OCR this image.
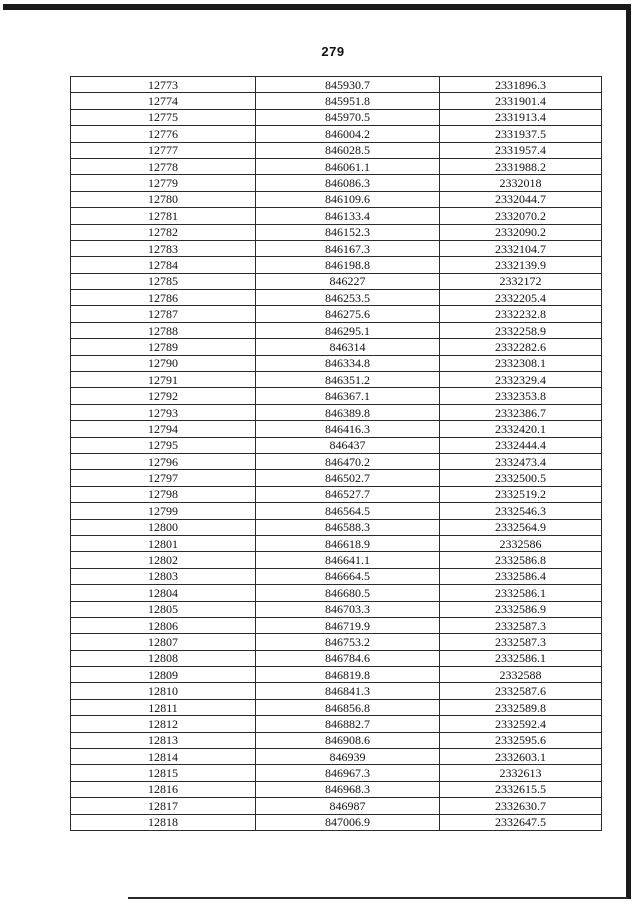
279
12773	845930.7	2331896.3
12774	845951.8	2331901.4
12775	845970.5	2331913.4
12776	846004.2	2331937.5
12777	846028.5	2331957.4
12778	846061.1	2331988.2
12779	846086.3	2332018
12780	846109.6	2332044.7
12781	846133.4	2332070.2
12782	846152.3	2332090.2
12783	846167.3	2332104.7
12784	846198.8	2332139.9
12785	846227	2332172
12786	846253.5	2332205.4
12787	846275.6	2332232.8
12788	846295.1	2332258.9
12789	846314	2332282.6
12790	846334.8	2332308.1
12791	846351.2	2332329.4
12792	846367.1	2332353.8
12793	846389.8	2332386.7
12794	846416.3	2332420.1
12795	846437	2332444.4
12796	846470.2	2332473.4
12797	846502.7	2332500.5
12798	846527.7	2332519.2
12799	846564.5	2332546.3
12800	846588.3	2332564.9
12801	846618.9	2332586
12802	846641.1	2332586.8
12803	846664.5	2332586.4
12804	846680.5	2332586.1
12805	846703.3	2332586.9
12806	846719.9	2332587.3
12807	846753.2	2332587.3
12808	846784.6	2332586.1
12809	846819.8	2332588
12810	846841.3	2332587.6
12811	846856.8	2332589.8
12812	846882.7	2332592.4
12813	846908.6	2332595.6
12814	846939	2332603.1
12815	846967.3	2332613
12816	846968.3	2332615.5
12817	846987	2332630.7
12818	847006.9	2332647.5
